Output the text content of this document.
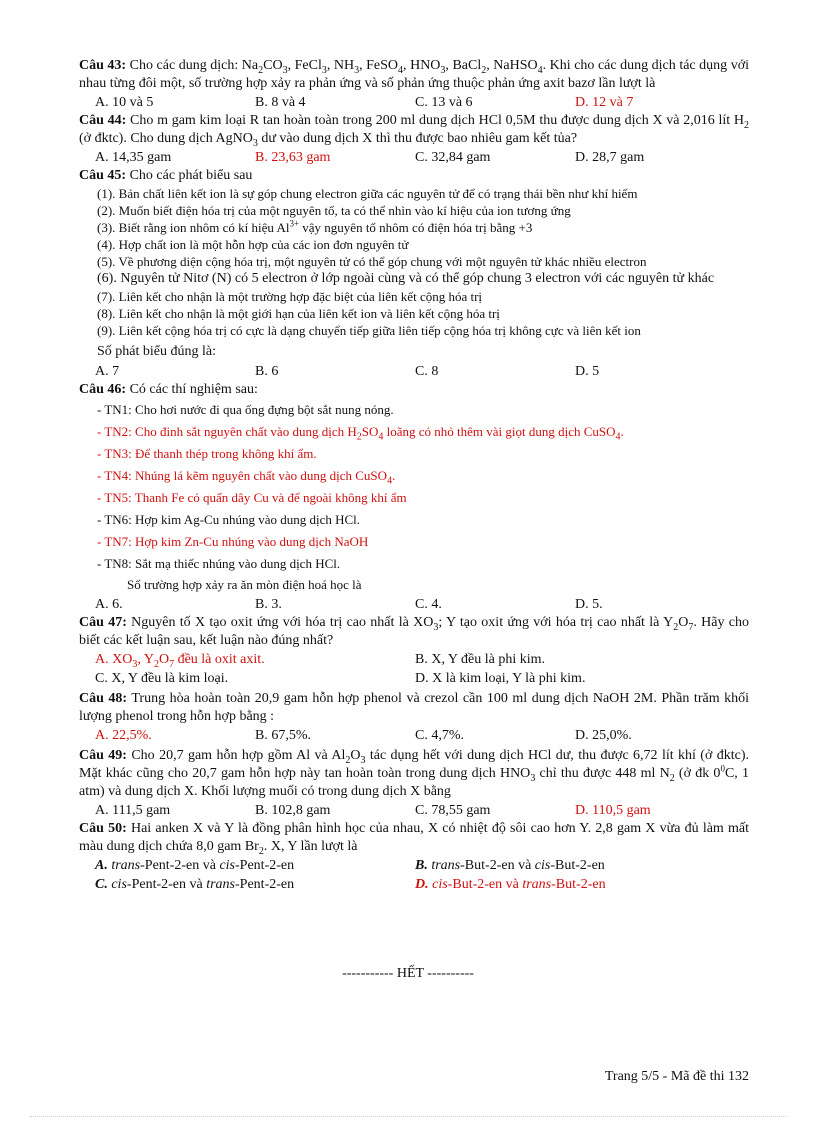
Câu 43: Cho các dung dịch: $Na_2CO_3$, FeCl$_3$, $NH_3$, FeSO$_4$, $HNO_3$, BaCl$_2$, NaHSO$_4$. Khi cho các dung dịch tác dụng với nhau từng đôi một, số trường hợp xảy ra phản ứng và số phản ứng thuộc phản ứng axit bazơ lần lượt là

A. 10 và 5	B. 8 và 4	C. 13 và 6	D. 12 và 7

Câu 44: Cho m gam kim loại R tan hoàn toàn trong 200 ml dung dịch HCl 0,5M thu được dung dịch X và 2,016 lít $H_2$ (ở đktc). Cho dung dịch AgNO$_3$ dư vào dung dịch X thì thu được bao nhiêu gam kết tủa?

A. 14,35 gam	B. 23,63 gam	C. 32,84 gam	D. 28,7 gam

Câu 45: Cho các phát biểu sau

(1). Bản chất liên kết ion là sự góp chung electron giữa các nguyên tử để có trạng thái bền như khí hiếm

(2). Muốn biết điện hóa trị của một nguyên tố, ta có thể nhìn vào kí hiệu của ion tương ứng

(3). Biết rằng ion nhôm có kí hiệu $Al^{3+}$ vậy nguyên tố nhôm có điện hóa trị bằng +3

(4). Hợp chất ion là một hỗn hợp của các ion đơn nguyên tử

(5). Về phương diện cộng hóa trị, một nguyên tử có thể góp chung với một nguyên tử khác nhiều electron

(6). Nguyên tử Nitơ (N) có 5 electron ở lớp ngoài cùng và có thể góp chung 3 electron với các nguyên tử khác

(7). Liên kết cho nhận là một trường hợp đặc biệt của liên kết cộng hóa trị

(8). Liên kết cho nhận là một giới hạn của liên kết ion và liên kết cộng hóa trị

(9). Liên kết cộng hóa trị có cực là dạng chuyển tiếp giữa liên tiếp cộng hóa trị không cực và liên kết ion

Số phát biểu đúng là:

A. 7	B. 6	C. 8	D. 5

Câu 46: Có các thí nghiệm sau:

- TN1: Cho hơi nước đi qua ống đựng bột sắt nung nóng.

- TN2: Cho đinh sắt nguyên chất vào dung dịch $H_2SO_4$ loãng có nhỏ thêm vài giọt dung dịch CuSO$_4$.

- TN3: Để thanh thép trong không khí ẩm.

- TN4: Nhúng lá kẽm nguyên chất vào dung dịch CuSO$_4$.

- TN5: Thanh Fe có quấn dây Cu và để ngoài không khí ẩm

- TN6: Hợp kim Ag-Cu nhúng vào dung dịch HCl.

- TN7: Hợp kim Zn-Cu nhúng vào dung dịch NaOH

- TN8: Sắt mạ thiếc nhúng vào dung dịch HCl.

Số trường hợp xảy ra ăn mòn điện hoá học là

A. 6.	B. 3.	C. 4.	D. 5.

Câu 47: Nguyên tố X tạo oxit ứng với hóa trị cao nhất là $XO_3$; Y tạo oxit ứng với hóa trị cao nhất là $Y_2O_7$. Hãy cho biết các kết luận sau, kết luận nào đúng nhất?

A. $XO_3$, $Y_2O_7$ đều là oxit axit.	B. X, Y đều là phi kim.
C. X, Y đều là kim loại.	D. X là kim loại, Y là phi kim.

Câu 48: Trung hòa hoàn toàn 20,9 gam hỗn hợp phenol và crezol cần 100 ml dung dịch NaOH 2M. Phần trăm khối lượng phenol trong hỗn hợp bằng :

A. 22,5%.	B. 67,5%.	C. 4,7%.	D. 25,0%.

Câu 49: Cho 20,7 gam hỗn hợp gồm Al và $Al_2O_3$ tác dụng hết với dung dịch HCl dư, thu được 6,72 lít khí (ở đktc). Mặt khác cũng cho 20,7 gam hỗn hợp này tan hoàn toàn trong dung dịch $HNO_3$ chỉ thu được 448 ml $N_2$ (ở đk $0^0C$, 1 atm) và dung dịch X. Khối lượng muối có trong dung dịch X bằng

A. 111,5 gam	B. 102,8 gam	C. 78,55 gam	D. 110,5 gam

Câu 50: Hai anken X và Y là đồng phân hình học của nhau, X có nhiệt độ sôi cao hơn Y. 2,8 gam X vừa đủ làm mất màu dung dịch chứa 8,0 gam $Br_2$. X, Y lần lượt là

A. trans-Pent-2-en và cis-Pent-2-en	B. trans-But-2-en và cis-But-2-en
C. cis-Pent-2-en và trans-Pent-2-en	D. cis-But-2-en và trans-But-2-en
----------- HẾT ----------
Trang 5/5 - Mã đề thi 132
